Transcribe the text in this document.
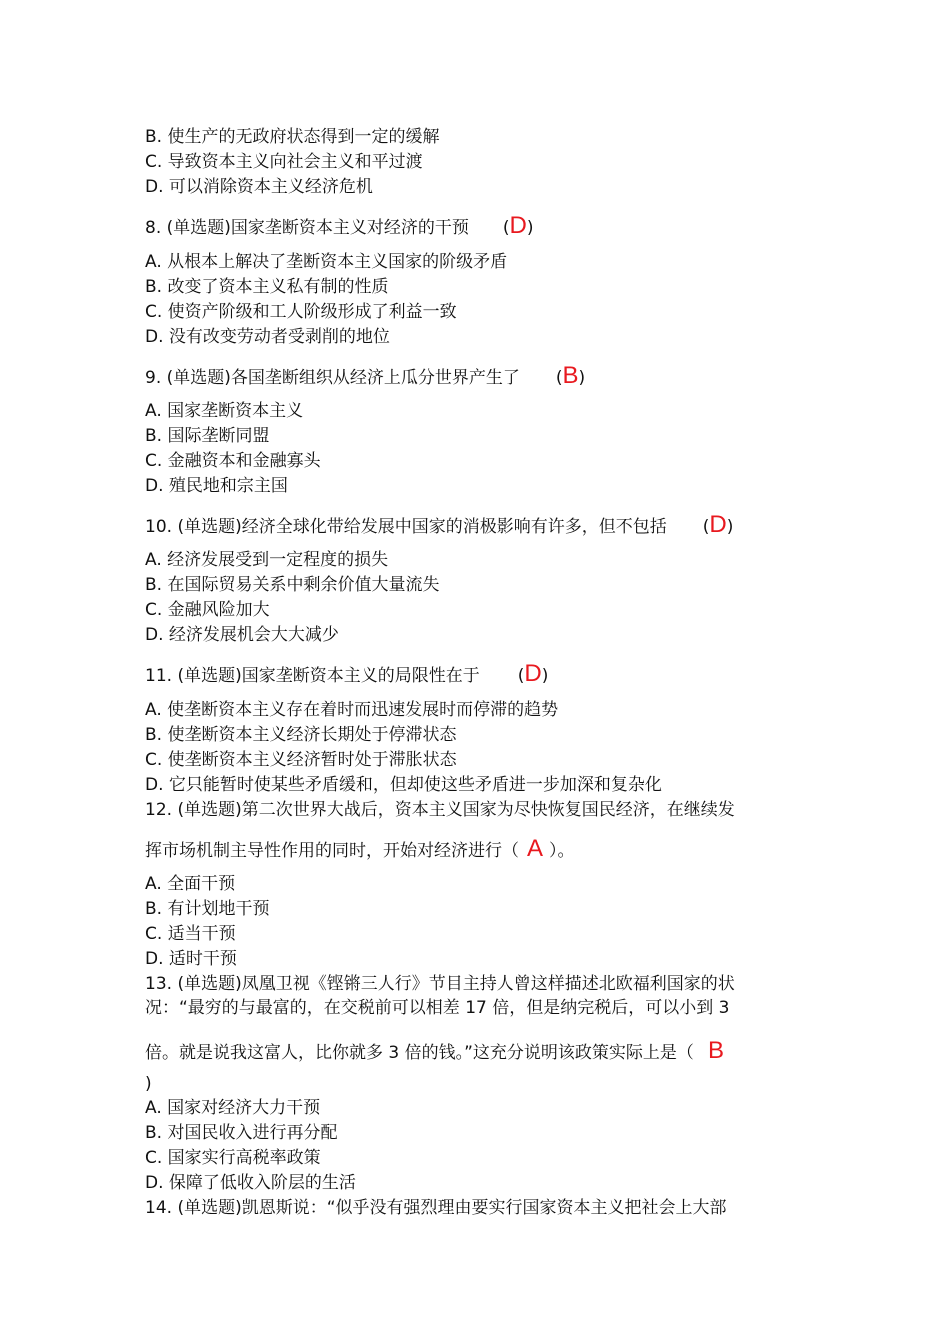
B. 使生产的无政府状态得到一定的缓解
C. 导致资本主义向社会主义和平过渡
D. 可以消除资本主义经济危机
8. (单选题)国家垄断资本主义对经济的干预 (D)
A. 从根本上解决了垄断资本主义国家的阶级矛盾
B. 改变了资本主义私有制的性质
C. 使资产阶级和工人阶级形成了利益一致
D. 没有改变劳动者受剥削的地位
9. (单选题)各国垄断组织从经济上瓜分世界产生了 (B)
A. 国家垄断资本主义
B. 国际垄断同盟
C. 金融资本和金融寡头
D. 殖民地和宗主国
10. (单选题)经济全球化带给发展中国家的消极影响有许多，但不包括 (D)
A. 经济发展受到一定程度的损失
B. 在国际贸易关系中剩余价值大量流失
C. 金融风险加大
D. 经济发展机会大大减少
11. (单选题)国家垄断资本主义的局限性在于 (D)
A. 使垄断资本主义存在着时而迅速发展时而停滞的趋势
B. 使垄断资本主义经济长期处于停滞状态
C. 使垄断资本主义经济暂时处于滞胀状态
D. 它只能暂时使某些矛盾缓和，但却使这些矛盾进一步加深和复杂化
12. (单选题)第二次世界大战后，资本主义国家为尽快恢复国民经济，在继续发
挥市场机制主导性作用的同时，开始对经济进行（ A ）。
A. 全面干预
B. 有计划地干预
C. 适当干预
D. 适时干预
13. (单选题)凤凰卫视《铿锵三人行》节目主持人曾这样描述北欧福利国家的状
况：“最穷的与最富的，在交税前可以相差 17 倍，但是纳完税后，可以小到 3
倍。就是说我这富人，比你就多 3 倍的钱。”这充分说明该政策实际上是（ B
)
A. 国家对经济大力干预
B. 对国民收入进行再分配
C. 国家实行高税率政策
D. 保障了低收入阶层的生活
14. (单选题)凯恩斯说：“似乎没有强烈理由要实行国家资本主义把社会上大部
